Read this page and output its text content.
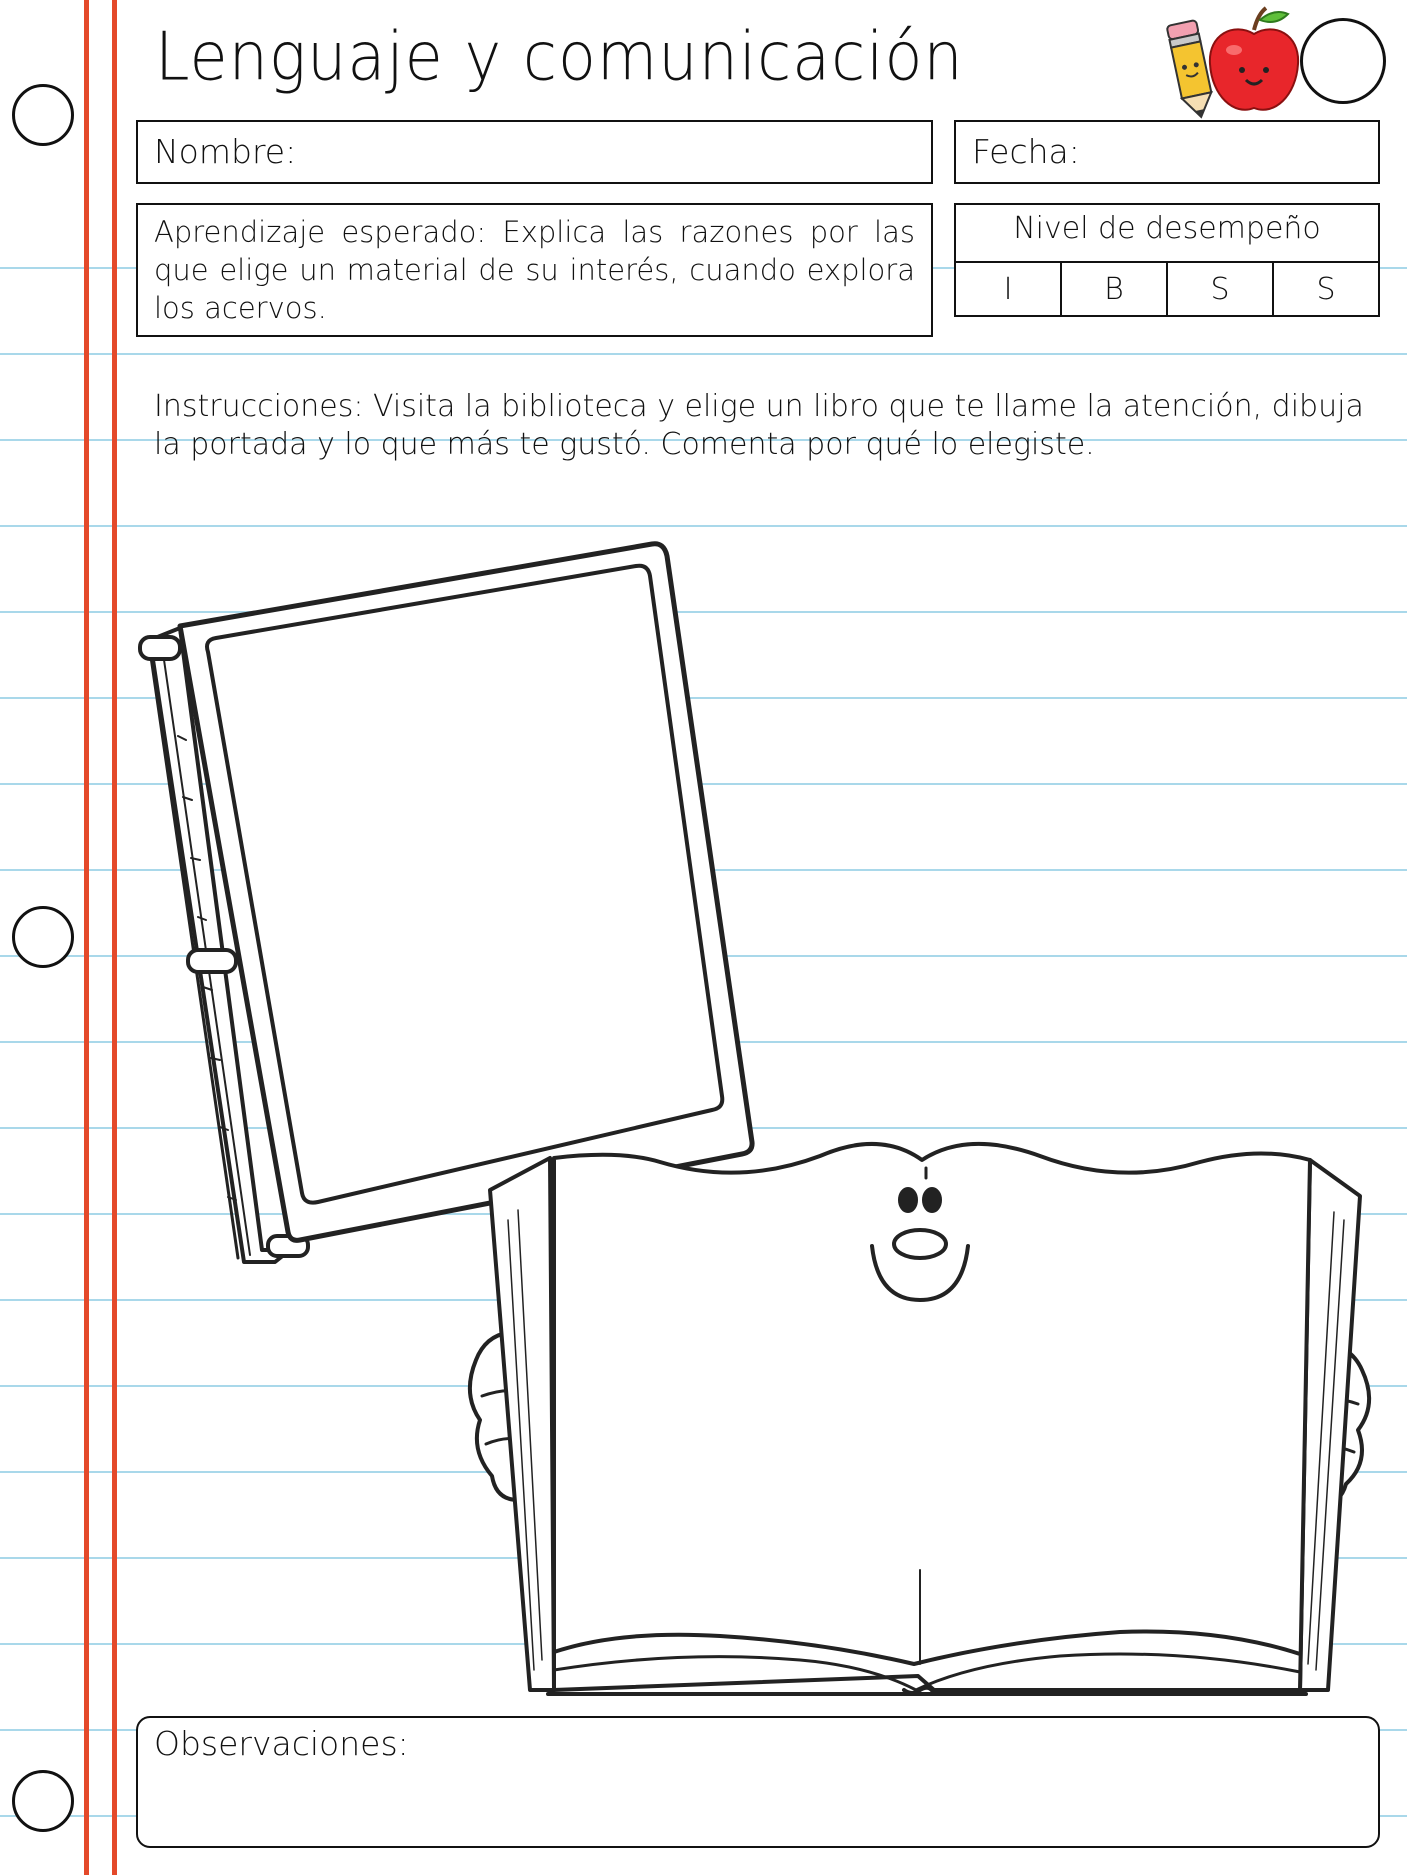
Lenguaje y comunicación
Nombre:	Fecha:
Aprendizaje esperado: Explica las razones por las que elige un material de su interés, cuando explora los acervos.
Nivel de desempeño
I	B	S	S
Instrucciones: Visita la biblioteca y elige un libro que te llame la atención, dibuja la portada y lo que más te gustó. Comenta por qué lo elegiste.
Observaciones:
